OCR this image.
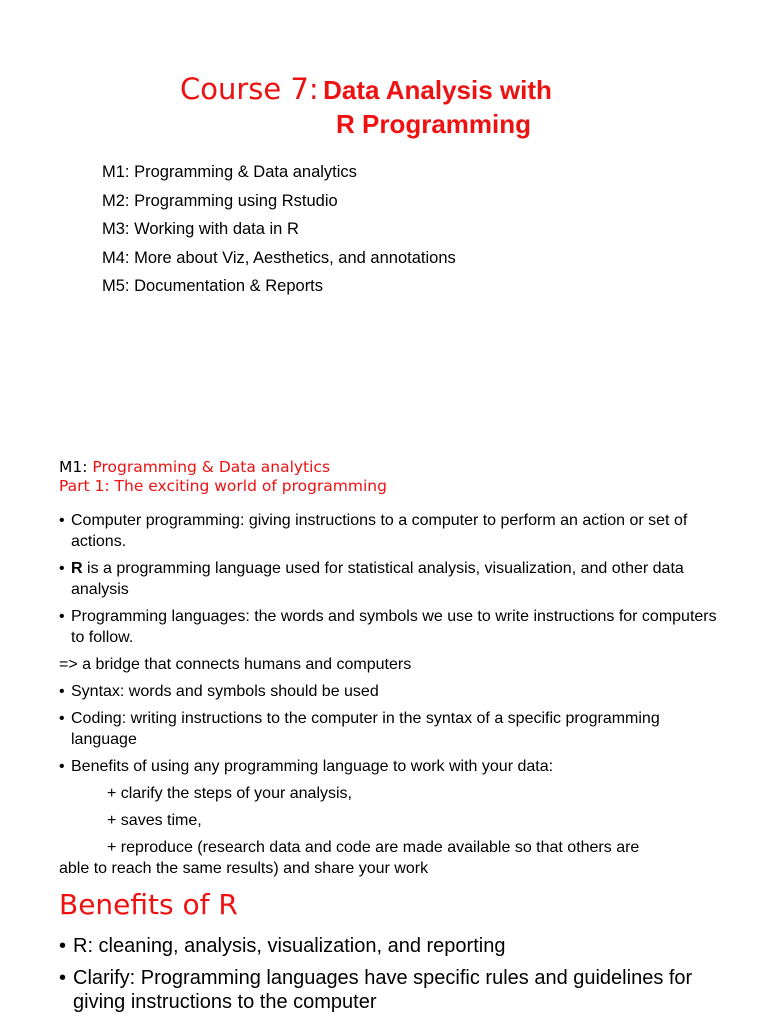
Course 7: Data Analysis with
R Programming
M1: Programming & Data analytics
M2: Programming using Rstudio
M3: Working with data in R
M4: More about Viz, Aesthetics, and annotations
M5: Documentation & Reports
M1: Programming & Data analytics
Part 1: The exciting world of programming
• Computer programming: giving instructions to a computer to perform an action or set of actions.
• R is a programming language used for statistical analysis, visualization, and other data analysis
• Programming languages: the words and symbols we use to write instructions for computers to follow.
=> a bridge that connects humans and computers
• Syntax: words and symbols should be used
• Coding: writing instructions to the computer in the syntax of a specific programming language
• Benefits of using any programming language to work with your data:
+ clarify the steps of your analysis,
+ saves time,
+ reproduce (research data and code are made available so that others are
able to reach the same results) and share your work
Benefits of R
• R: cleaning, analysis, visualization, and reporting
• Clarify: Programming languages have specific rules and guidelines for giving instructions to the computer
